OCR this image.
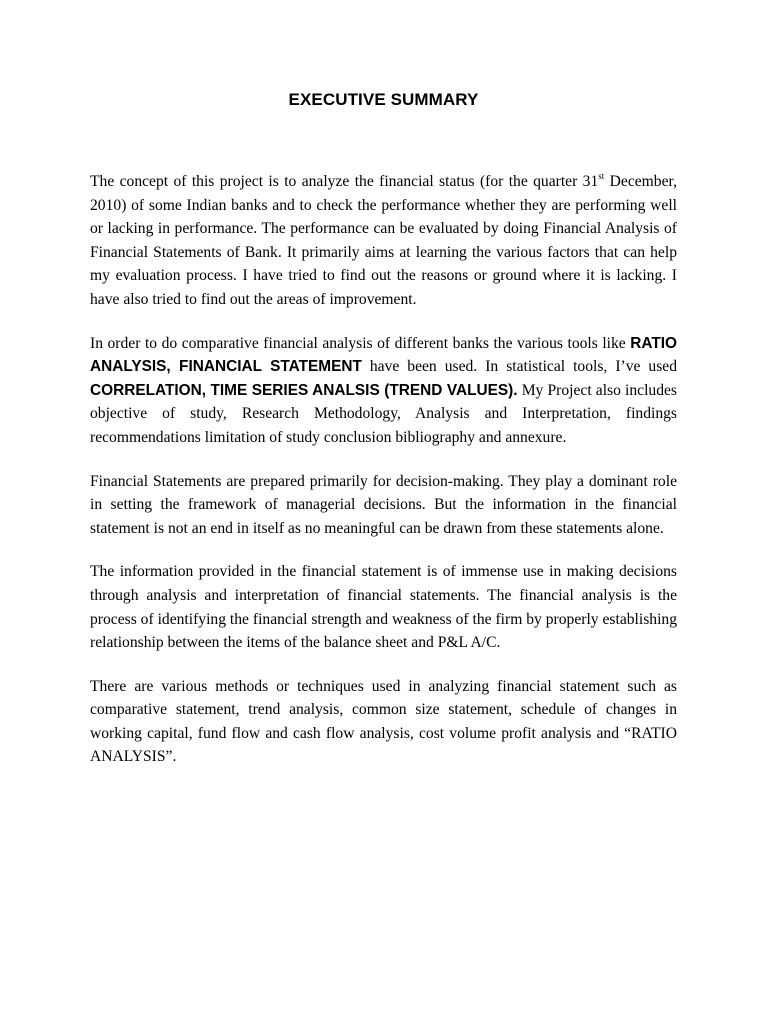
EXECUTIVE SUMMARY

The concept of this project is to analyze the financial status (for the quarter 31st December, 2010) of some Indian banks and to check the performance whether they are performing well or lacking in performance. The performance can be evaluated by doing Financial Analysis of Financial Statements of Bank. It primarily aims at learning the various factors that can help my evaluation process. I have tried to find out the reasons or ground where it is lacking. I have also tried to find out the areas of improvement.

In order to do comparative financial analysis of different banks the various tools like RATIO ANALYSIS, FINANCIAL STATEMENT have been used. In statistical tools, I’ve used CORRELATION, TIME SERIES ANALSIS (TREND VALUES). My Project also includes objective of study, Research Methodology, Analysis and Interpretation, findings recommendations limitation of study conclusion bibliography and annexure.

Financial Statements are prepared primarily for decision-making. They play a dominant role in setting the framework of managerial decisions. But the information in the financial statement is not an end in itself as no meaningful can be drawn from these statements alone.

The information provided in the financial statement is of immense use in making decisions through analysis and interpretation of financial statements. The financial analysis is the process of identifying the financial strength and weakness of the firm by properly establishing relationship between the items of the balance sheet and P&L A/C.

There are various methods or techniques used in analyzing financial statement such as comparative statement, trend analysis, common size statement, schedule of changes in working capital, fund flow and cash flow analysis, cost volume profit analysis and “RATIO ANALYSIS”.
